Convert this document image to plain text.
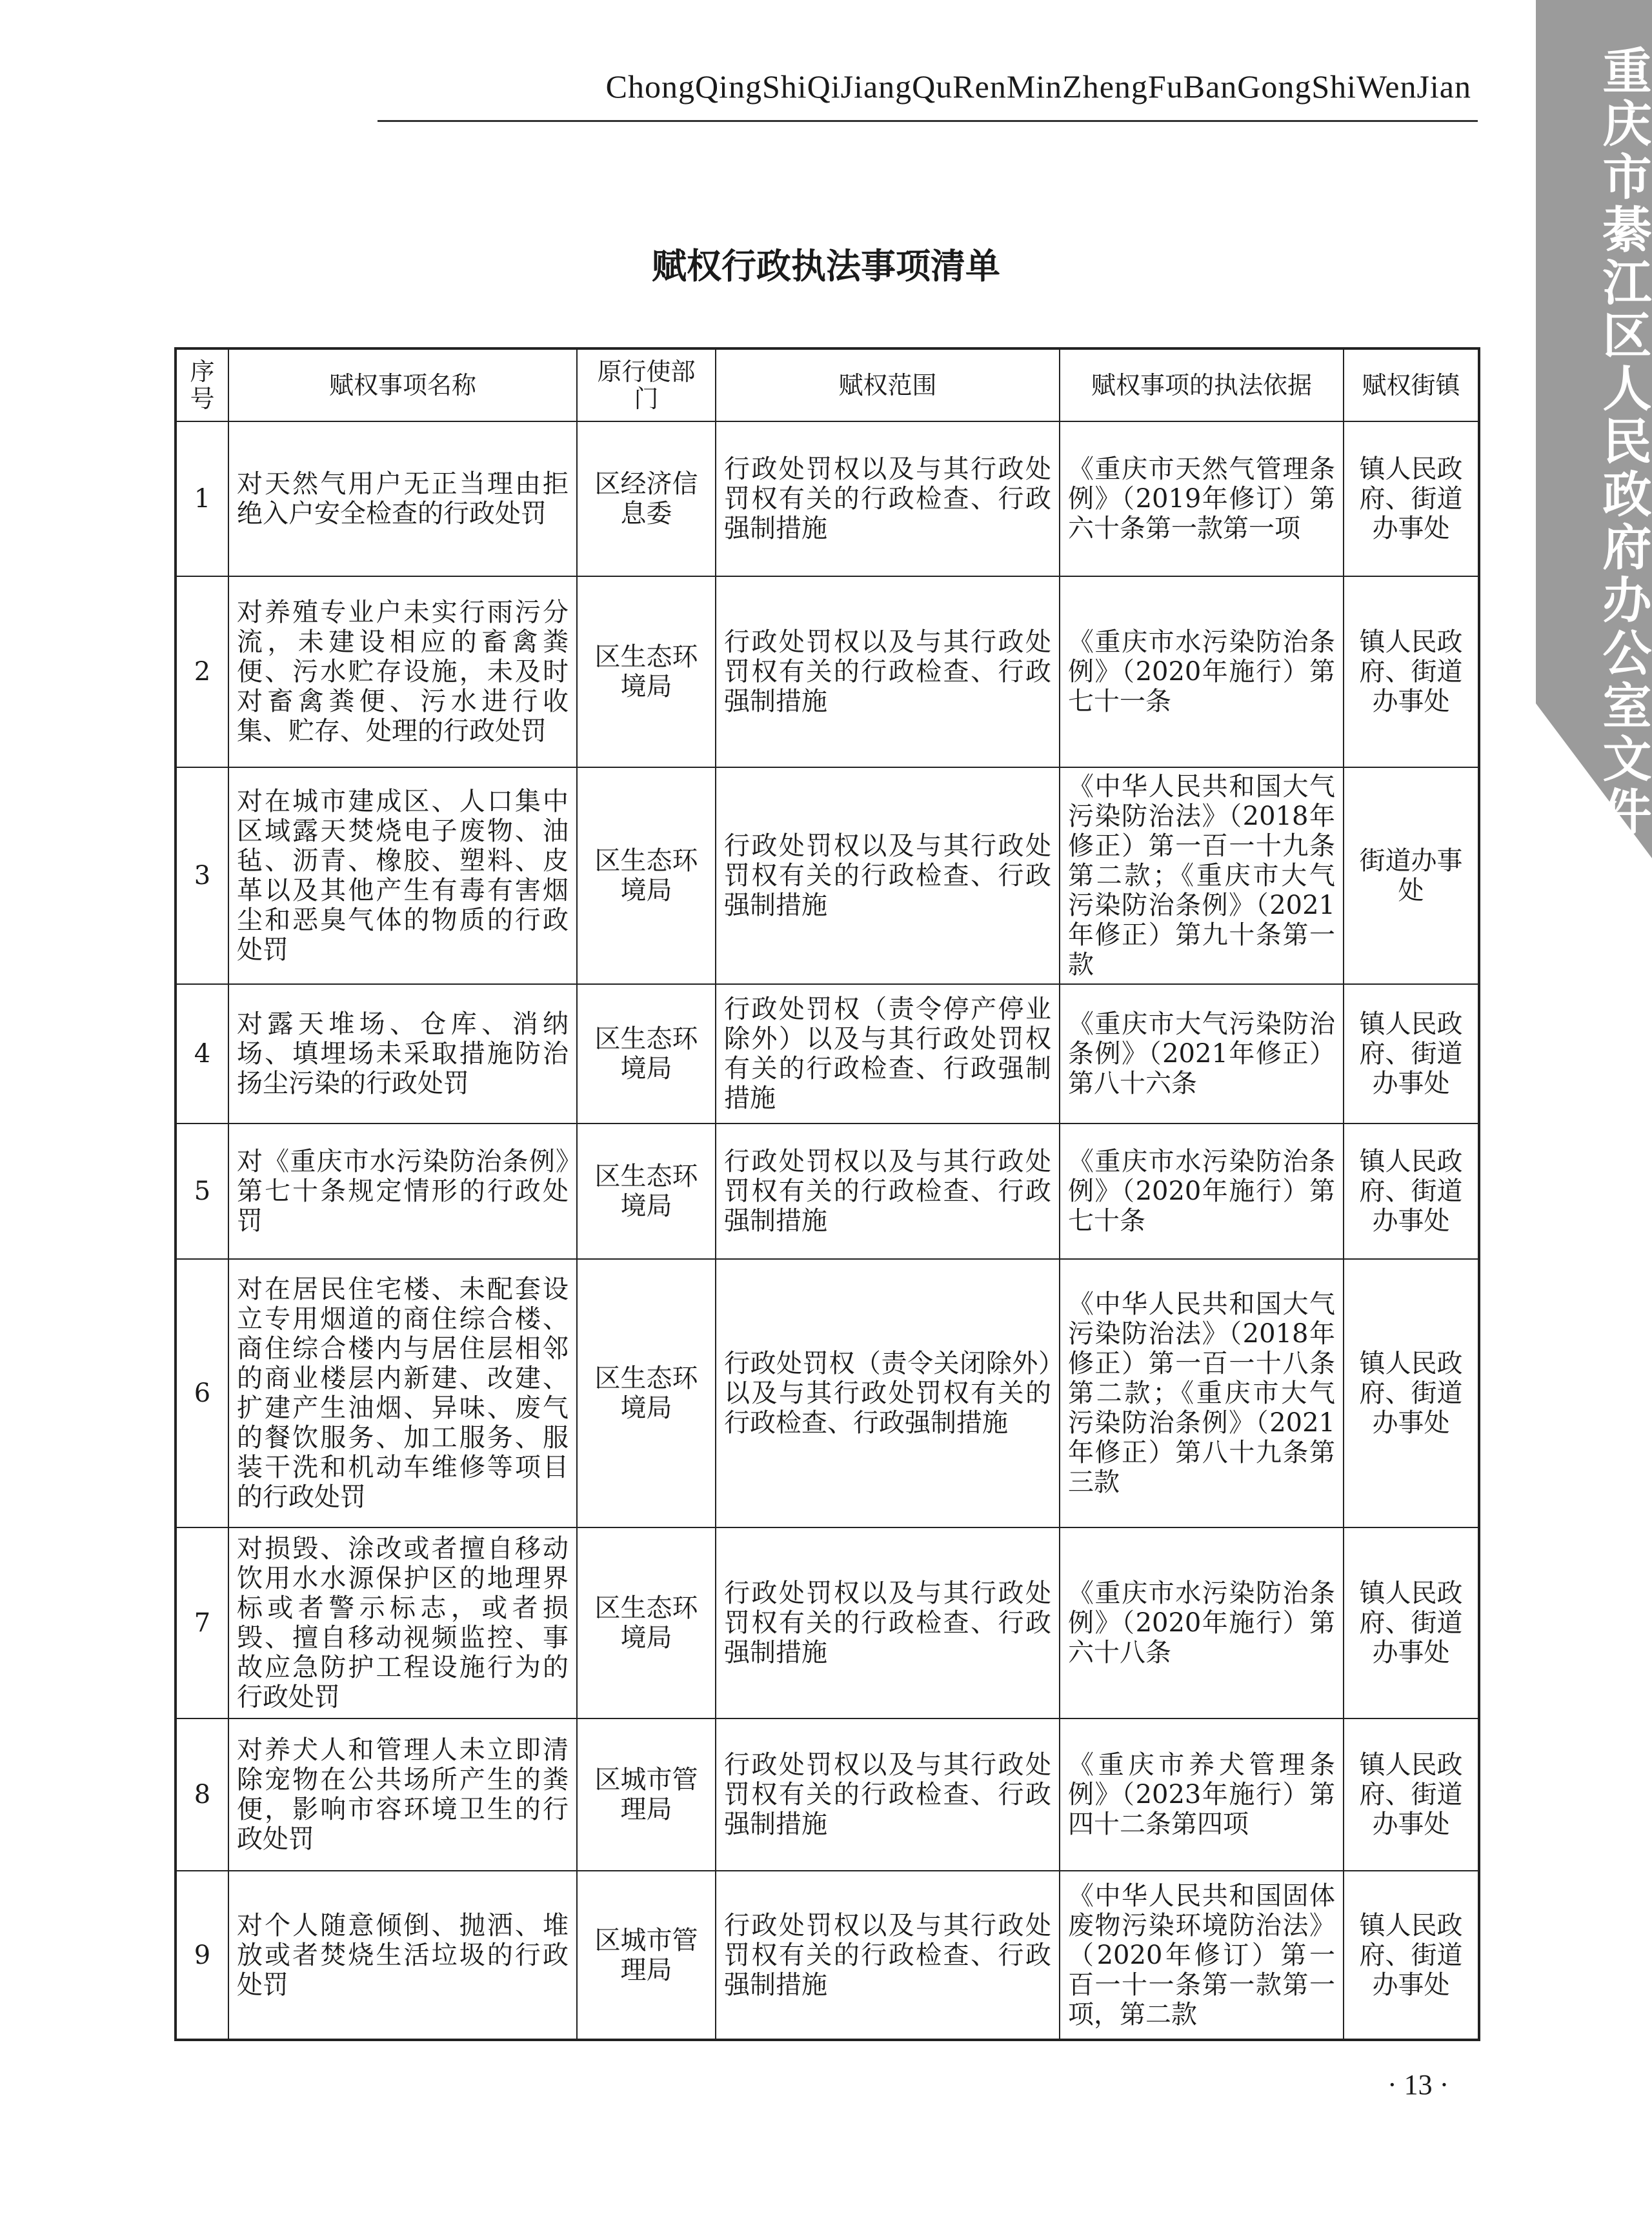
重庆市綦江区人民政府办公室文件
ChongQingShiQiJiangQuRenMinZhengFuBanGongShiWenJian
赋权行政执法事项清单
序号	赋权事项名称	原行使部门	赋权范围	赋权事项的执法依据	赋权街镇
1	对天然气用户无正当理由拒绝入户安全检查的行政处罚	区经济信息委	行政处罚权以及与其行政处罚权有关的行政检查、行政强制措施	《重庆市天然气管理条例》（2019年修订）第六十条第一款第一项	镇人民政府、街道办事处
2	对养殖专业户未实行雨污分流，未建设相应的畜禽粪便、污水贮存设施，未及时对畜禽粪便、污水进行收集、贮存、处理的行政处罚	区生态环境局	行政处罚权以及与其行政处罚权有关的行政检查、行政强制措施	《重庆市水污染防治条例》（2020年施行）第七十一条	镇人民政府、街道办事处
3	对在城市建成区、人口集中区域露天焚烧电子废物、油毡、沥青、橡胶、塑料、皮革以及其他产生有毒有害烟尘和恶臭气体的物质的行政处罚	区生态环境局	行政处罚权以及与其行政处罚权有关的行政检查、行政强制措施	《中华人民共和国大气污染防治法》（2018年修正）第一百一十九条第二款；《重庆市大气污染防治条例》（2021年修正）第九十条第一款	街道办事处
4	对露天堆场、仓库、消纳场、填埋场未采取措施防治扬尘污染的行政处罚	区生态环境局	行政处罚权（责令停产停业除外）以及与其行政处罚权有关的行政检查、行政强制措施	《重庆市大气污染防治条例》（2021年修正）第八十六条	镇人民政府、街道办事处
5	对《重庆市水污染防治条例》第七十条规定情形的行政处罚	区生态环境局	行政处罚权以及与其行政处罚权有关的行政检查、行政强制措施	《重庆市水污染防治条例》（2020年施行）第七十条	镇人民政府、街道办事处
6	对在居民住宅楼、未配套设立专用烟道的商住综合楼、商住综合楼内与居住层相邻的商业楼层内新建、改建、扩建产生油烟、异味、废气的餐饮服务、加工服务、服装干洗和机动车维修等项目的行政处罚	区生态环境局	行政处罚权（责令关闭除外）以及与其行政处罚权有关的行政检查、行政强制措施	《中华人民共和国大气污染防治法》（2018年修正）第一百一十八条第二款；《重庆市大气污染防治条例》（2021年修正）第八十九条第三款	镇人民政府、街道办事处
7	对损毁、涂改或者擅自移动饮用水水源保护区的地理界标或者警示标志，或者损毁、擅自移动视频监控、事故应急防护工程设施行为的行政处罚	区生态环境局	行政处罚权以及与其行政处罚权有关的行政检查、行政强制措施	《重庆市水污染防治条例》（2020年施行）第六十八条	镇人民政府、街道办事处
8	对养犬人和管理人未立即清除宠物在公共场所产生的粪便，影响市容环境卫生的行政处罚	区城市管理局	行政处罚权以及与其行政处罚权有关的行政检查、行政强制措施	《重庆市养犬管理条例》（2023年施行）第四十二条第四项	镇人民政府、街道办事处
9	对个人随意倾倒、抛洒、堆放或者焚烧生活垃圾的行政处罚	区城市管理局	行政处罚权以及与其行政处罚权有关的行政检查、行政强制措施	《中华人民共和国固体废物污染环境防治法》（2020年修订）第一百一十一条第一款第一项，第二款	镇人民政府、街道办事处
· 13 ·
